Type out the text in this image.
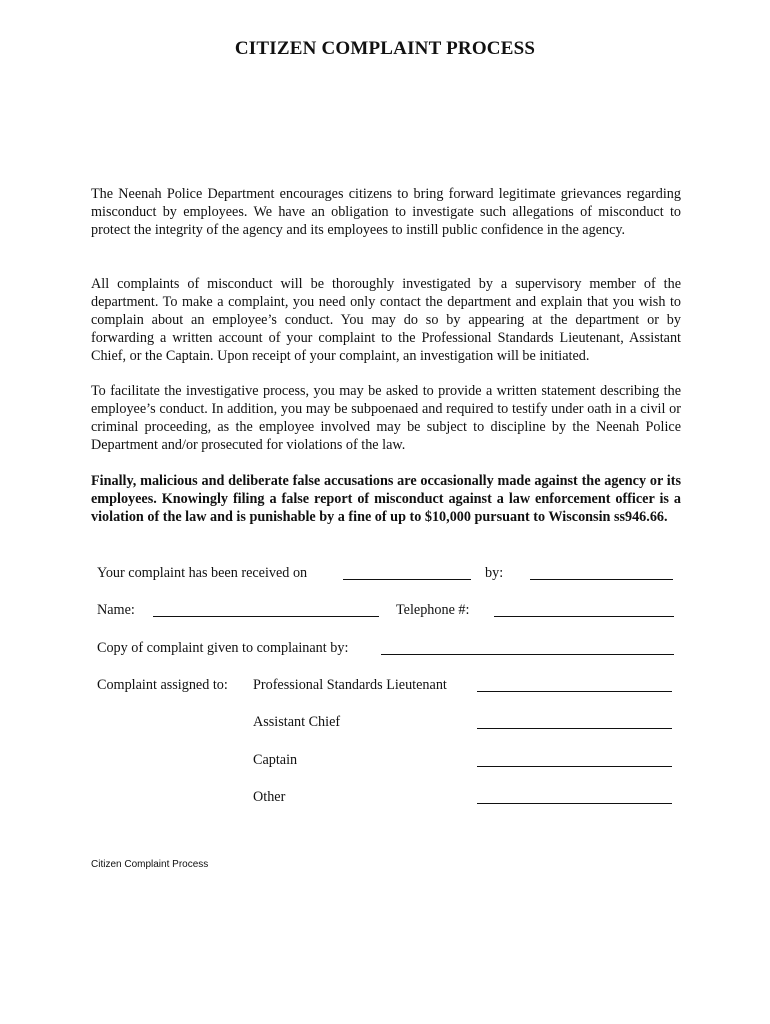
CITIZEN COMPLAINT PROCESS

The Neenah Police Department encourages citizens to bring forward legitimate grievances regarding misconduct by employees. We have an obligation to investigate such allegations of misconduct to protect the integrity of the agency and its employees to instill public confidence in the agency.

All complaints of misconduct will be thoroughly investigated by a supervisory member of the department. To make a complaint, you need only contact the department and explain that you wish to complain about an employee’s conduct. You may do so by appearing at the department or by forwarding a written account of your complaint to the Professional Standards Lieutenant, Assistant Chief, or the Captain. Upon receipt of your complaint, an investigation will be initiated.

To facilitate the investigative process, you may be asked to provide a written statement describing the employee’s conduct. In addition, you may be subpoenaed and required to testify under oath in a civil or criminal proceeding, as the employee involved may be subject to discipline by the Neenah Police Department and/or prosecuted for violations of the law.

Finally, malicious and deliberate false accusations are occasionally made against the agency or its employees. Knowingly filing a false report of misconduct against a law enforcement officer is a violation of the law and is punishable by a fine of up to $10,000 pursuant to Wisconsin ss946.66.

Your complaint has been received on	by:
Name:	Telephone #:
Copy of complaint given to complainant by:
Complaint assigned to: Professional Standards Lieutenant
Assistant Chief
Captain
Other
Citizen Complaint Process
